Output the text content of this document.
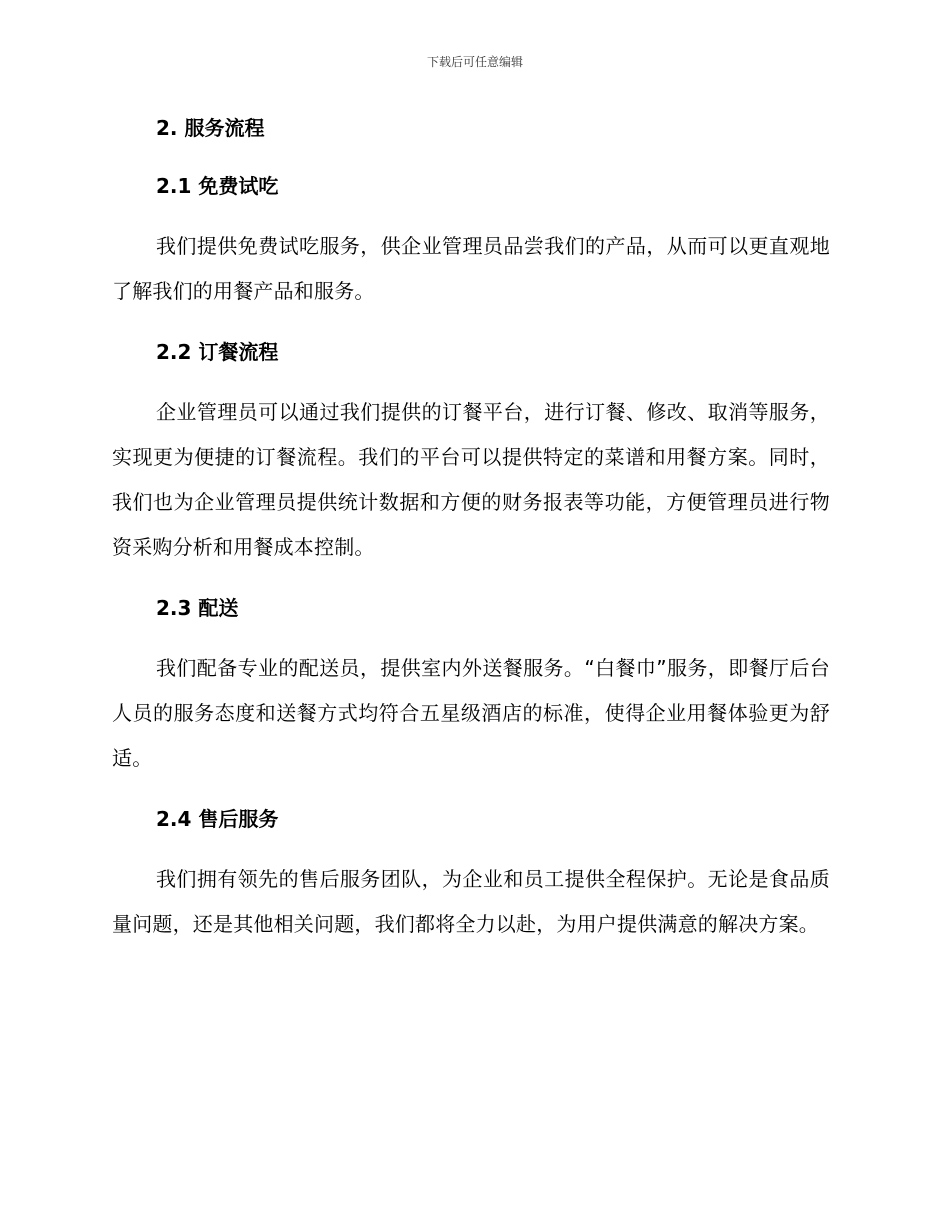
下载后可任意编辑
2. 服务流程
2.1 免费试吃

我们提供免费试吃服务，供企业管理员品尝我们的产品，从而可以更直观地了解我们的用餐产品和服务。

2.2 订餐流程

企业管理员可以通过我们提供的订餐平台，进行订餐、修改、取消等服务，实现更为便捷的订餐流程。我们的平台可以提供特定的菜谱和用餐方案。同时，我们也为企业管理员提供统计数据和方便的财务报表等功能，方便管理员进行物资采购分析和用餐成本控制。

2.3 配送

我们配备专业的配送员，提供室内外送餐服务。“白餐巾”服务，即餐厅后台人员的服务态度和送餐方式均符合五星级酒店的标准，使得企业用餐体验更为舒适。

2.4 售后服务

我们拥有领先的售后服务团队，为企业和员工提供全程保护。无论是食品质量问题，还是其他相关问题，我们都将全力以赴，为用户提供满意的解决方案。
